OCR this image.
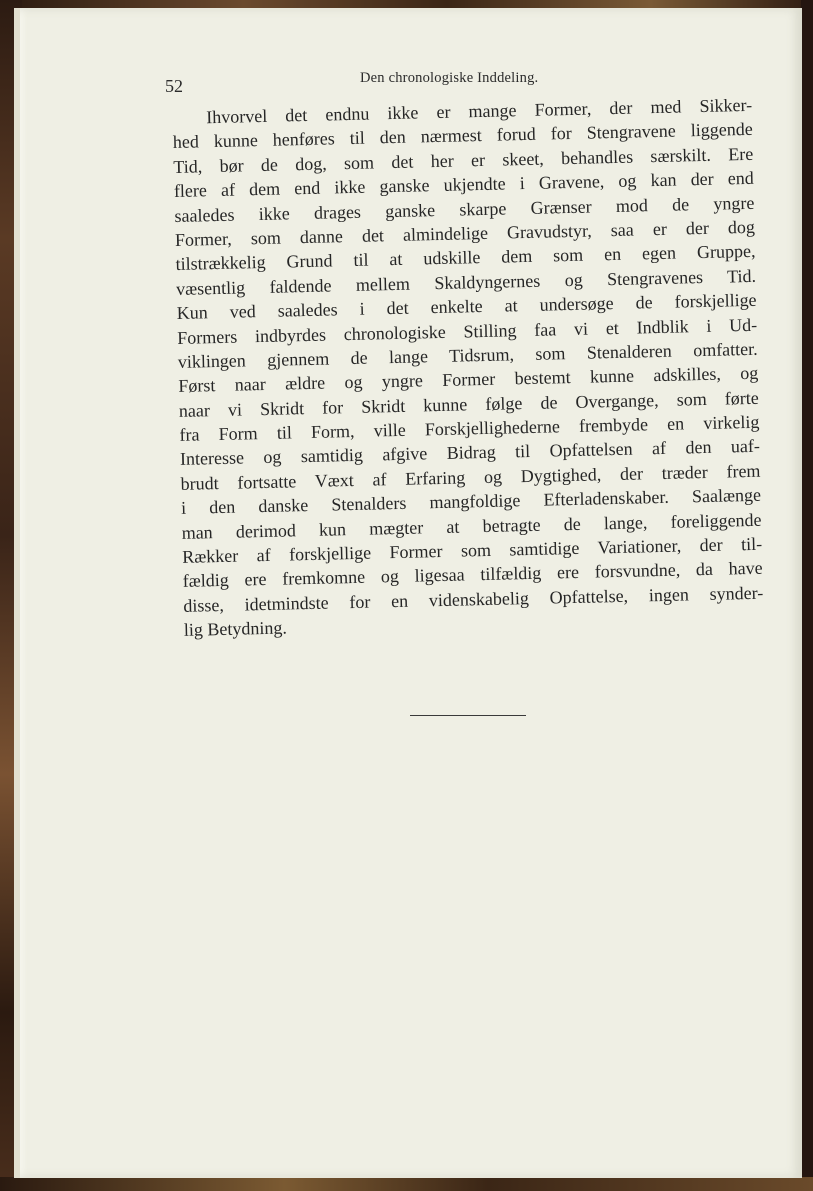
52	Den chronologiske Inddeling.
Ihvorvel det endnu ikke er mange Former, der med Sikker-
hed kunne henføres til den nærmest forud for Stengravene liggende
Tid, bør de dog, som det her er skeet, behandles særskilt. Ere
flere af dem end ikke ganske ukjendte i Gravene, og kan der end
saaledes ikke drages ganske skarpe Grænser mod de yngre
Former, som danne det almindelige Gravudstyr, saa er der dog
tilstrækkelig Grund til at udskille dem som en egen Gruppe,
væsentlig faldende mellem Skaldyngernes og Stengravenes Tid.
Kun ved saaledes i det enkelte at undersøge de forskjellige
Formers indbyrdes chronologiske Stilling faa vi et Indblik i Ud-
viklingen gjennem de lange Tidsrum, som Stenalderen omfatter.
Først naar ældre og yngre Former bestemt kunne adskilles, og
naar vi Skridt for Skridt kunne følge de Overgange, som førte
fra Form til Form, ville Forskjellighederne frembyde en virkelig
Interesse og samtidig afgive Bidrag til Opfattelsen af den uaf-
brudt fortsatte Væxt af Erfaring og Dygtighed, der træder frem
i den danske Stenalders mangfoldige Efterladenskaber. Saalænge
man derimod kun mægter at betragte de lange, foreliggende
Rækker af forskjellige Former som samtidige Variationer, der til-
fældig ere fremkomne og ligesaa tilfældig ere forsvundne, da have
disse, idetmindste for en videnskabelig Opfattelse, ingen synder-
lig Betydning.
